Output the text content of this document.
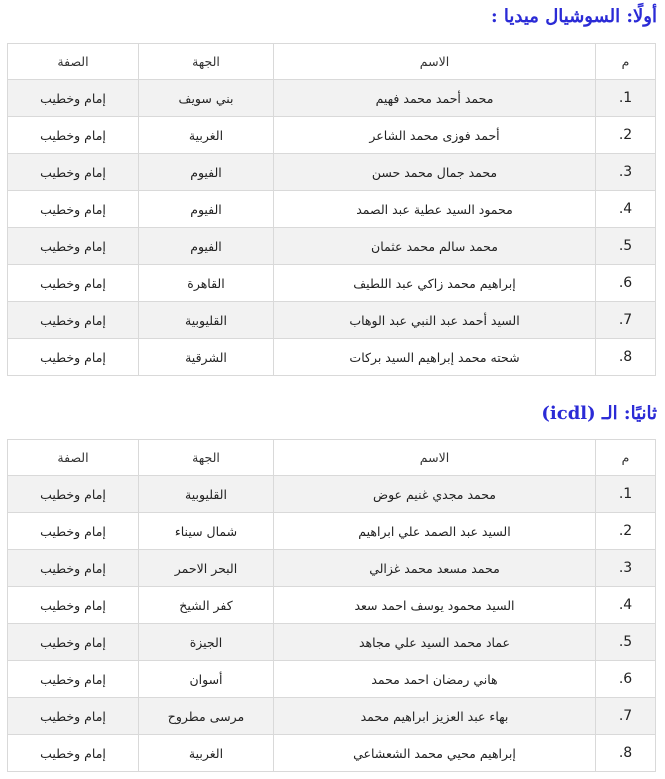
أولًا: السوشيال ميديا :
م	الاسم	الجهة	الصفة
1.	محمد أحمد محمد فهيم	بني سويف	إمام وخطيب
2.	أحمد فوزى محمد الشاعر	الغربية	إمام وخطيب
3.	محمد جمال محمد حسن	الفيوم	إمام وخطيب
4.	محمود السيد عطية عبد الصمد	الفيوم	إمام وخطيب
5.	محمد سالم محمد عثمان	الفيوم	إمام وخطيب
6.	إبراهيم محمد زاكي عبد اللطيف	القاهرة	إمام وخطيب
7.	السيد أحمد عبد النبي عبد الوهاب	القليوبية	إمام وخطيب
8.	شحته محمد إبراهيم السيد بركات	الشرقية	إمام وخطيب
ثانيًا: الـ (icdl)
م	الاسم	الجهة	الصفة
1.	محمد مجدي غنيم عوض	القليوبية	إمام وخطيب
2.	السيد عبد الصمد علي ابراهيم	شمال سيناء	إمام وخطيب
3.	محمد مسعد محمد غزالي	البحر الاحمر	إمام وخطيب
4.	السيد محمود يوسف احمد سعد	كفر الشيخ	إمام وخطيب
5.	عماد محمد السيد علي مجاهد	الجيزة	إمام وخطيب
6.	هاني رمضان احمد محمد	أسوان	إمام وخطيب
7.	بهاء عبد العزيز ابراهيم محمد	مرسى مطروح	إمام وخطيب
8.	إبراهيم محيي محمد الشعشاعي	الغربية	إمام وخطيب
